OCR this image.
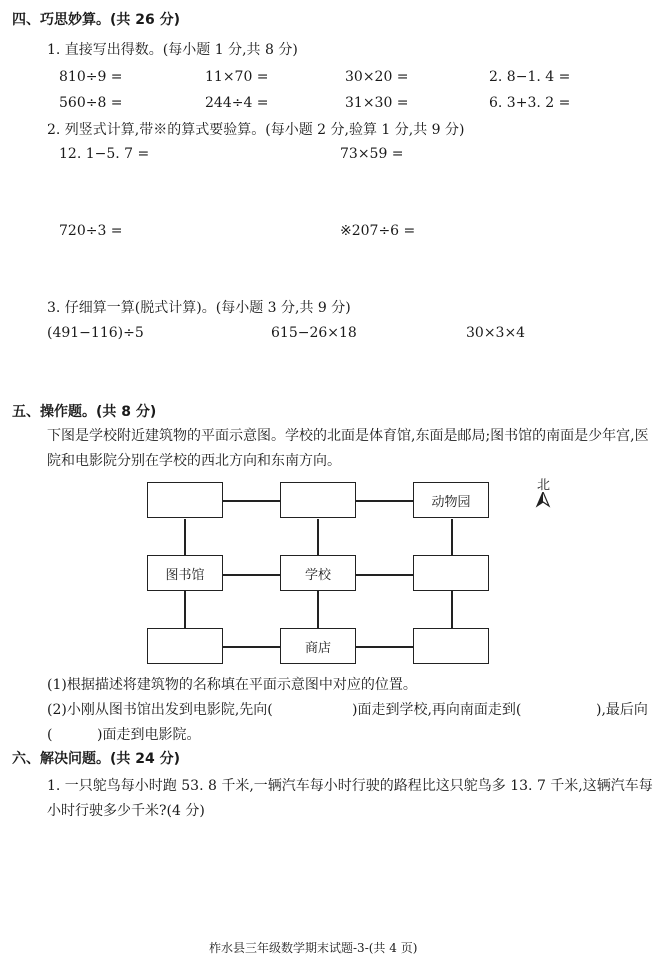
四、巧思妙算。(共 26 分)
1. 直接写出得数。(每小题 1 分,共 8 分)
810÷9 =	11×70 =	30×20 =	2. 8−1. 4 =
560÷8 =	244÷4 =	31×30 =	6. 3+3. 2 =
2. 列竖式计算,带※的算式要验算。(每小题 2 分,验算 1 分,共 9 分)
12. 1−5. 7 =	73×59 =
720÷3 =	※207÷6 =
3. 仔细算一算(脱式计算)。(每小题 3 分,共 9 分)
(491−116)÷5	615−26×18	30×3×4
五、操作题。(共 8 分)
下图是学校附近建筑物的平面示意图。学校的北面是体育馆,东面是邮局;图书馆的南面是少年宫,医院和电影院分别在学校的西北方向和东南方向。
动物园
图书馆	学校
商店
北
(1)根据描述将建筑物的名称填在平面示意图中对应的位置。
(2)小刚从图书馆出发到电影院,先向(	)面走到学校,再向南面走到(	),最后向
(	)面走到电影院。
六、解决问题。(共 24 分)
1. 一只鸵鸟每小时跑 53. 8 千米,一辆汽车每小时行驶的路程比这只鸵鸟多 13. 7 千米,这辆汽车每小时行驶多少千米?(4 分)
柞水县三年级数学期末试题-3-(共 4 页)
